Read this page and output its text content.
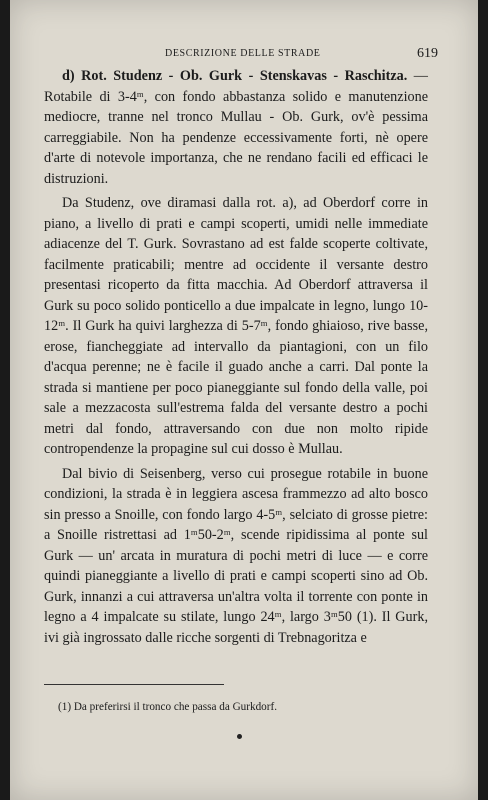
DESCRIZIONE DELLE STRADE	619

d) Rot. Studenz - Ob. Gurk - Stenskavas - Raschitza. — Rotabile di 3-4ᵐ, con fondo abbastanza solido e manutenzione mediocre, tranne nel tronco Mullau - Ob. Gurk, ov'è pessima carreggiabile. Non ha pendenze eccessivamente forti, nè opere d'arte di notevole importanza, che ne rendano facili ed efficaci le distruzioni.

Da Studenz, ove diramasi dalla rot. a), ad Oberdorf corre in piano, a livello di prati e campi scoperti, umidi nelle immediate adiacenze del T. Gurk. Sovrastano ad est falde scoperte coltivate, facilmente praticabili; mentre ad occidente il versante destro presentasi ricoperto da fitta macchia. Ad Oberdorf attraversa il Gurk su poco solido ponticello a due impalcate in legno, lungo 10-12ᵐ. Il Gurk ha quivi larghezza di 5-7ᵐ, fondo ghiaioso, rive basse, erose, fiancheggiate ad intervallo da piantagioni, con un filo d'acqua perenne; ne è facile il guado anche a carri. Dal ponte la strada si mantiene per poco pianeggiante sul fondo della valle, poi sale a mezzacosta sull'estrema falda del versante destro a pochi metri dal fondo, attraversando con due non molto ripide contropendenze la propagine sul cui dosso è Mullau.

Dal bivio di Seisenberg, verso cui prosegue rotabile in buone condizioni, la strada è in leggiera ascesa frammezzo ad alto bosco sin presso a Snoille, con fondo largo 4-5ᵐ, selciato di grosse pietre: a Snoille ristrettasi ad 1ᵐ50-2ᵐ, scende ripidissima al ponte sul Gurk — un' arcata in muratura di pochi metri di luce — e corre quindi pianeggiante a livello di prati e campi scoperti sino ad Ob. Gurk, innanzi a cui attraversa un'altra volta il torrente con ponte in legno a 4 impalcate su stilate, lungo 24ᵐ, largo 3ᵐ50 (1). Il Gurk, ivi già ingrossato dalle ricche sorgenti di Trebnagoritza e

(1) Da preferirsi il tronco che passa da Gurkdorf.
